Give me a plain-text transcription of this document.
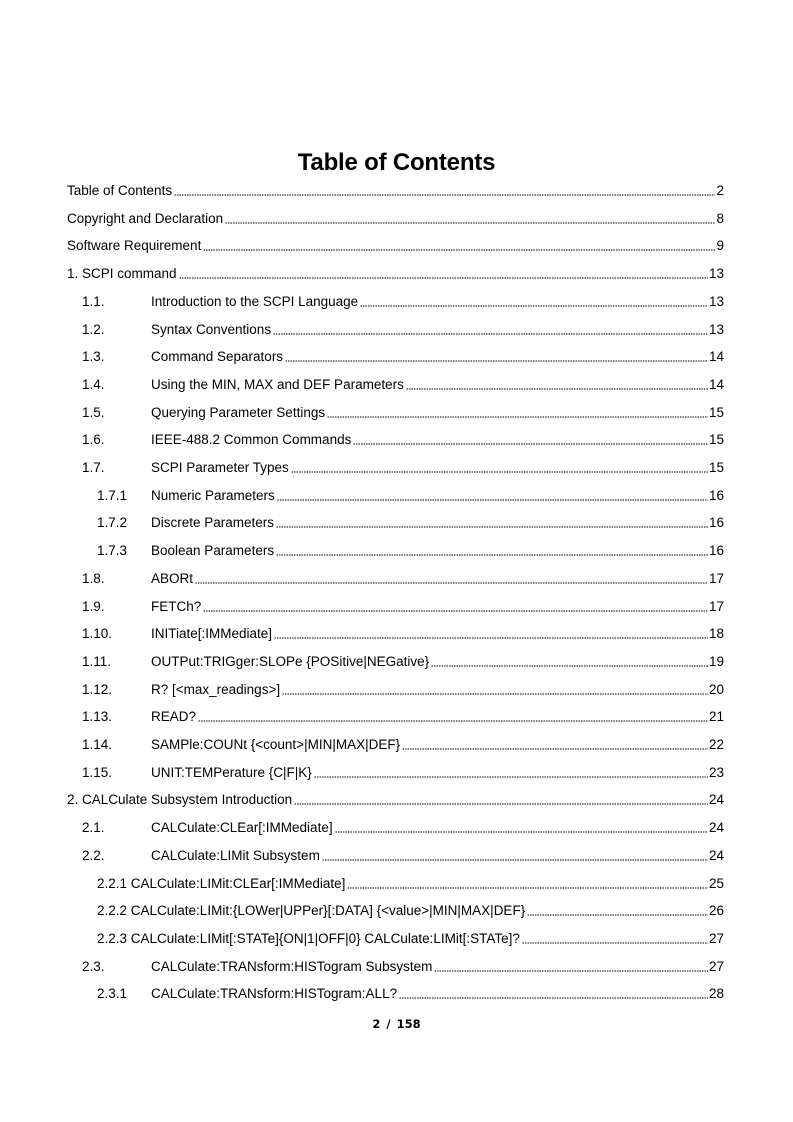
Table of Contents
Table of Contents	2
Copyright and Declaration	8
Software Requirement	9
1. SCPI command	13
1.1.	Introduction to the SCPI Language	13
1.2.	Syntax Conventions	13
1.3.	Command Separators	14
1.4.	Using the MIN, MAX and DEF Parameters	14
1.5.	Querying Parameter Settings	15
1.6.	IEEE-488.2 Common Commands	15
1.7.	SCPI Parameter Types	15
1.7.1 Numeric Parameters	16
1.7.2 Discrete Parameters	16
1.7.3 Boolean Parameters	16
1.8.	ABORt	17
1.9.	FETCh?	17
1.10.	INITiate[:IMMediate]	18
1.11.	OUTPut:TRIGger:SLOPe {POSitive|NEGative}	19
1.12.	R? [<max_readings>]	20
1.13.	READ?	21
1.14.	SAMPle:COUNt {<count>|MIN|MAX|DEF}	22
1.15.	UNIT:TEMPerature {C|F|K}	23
2. CALCulate Subsystem Introduction	24
2.1.	CALCulate:CLEar[:IMMediate]	24
2.2.	CALCulate:LIMit Subsystem	24
2.2.1 CALCulate:LIMit:CLEar[:IMMediate]	25
2.2.2 CALCulate:LIMit:{LOWer|UPPer}[:DATA] {<value>|MIN|MAX|DEF}	26
2.2.3 CALCulate:LIMit[:STATe]{ON|1|OFF|0} CALCulate:LIMit[:STATe]?	27
2.3.	CALCulate:TRANsform:HISTogram Subsystem	27
2.3.1 CALCulate:TRANsform:HISTogram:ALL?	28
2 / 158
